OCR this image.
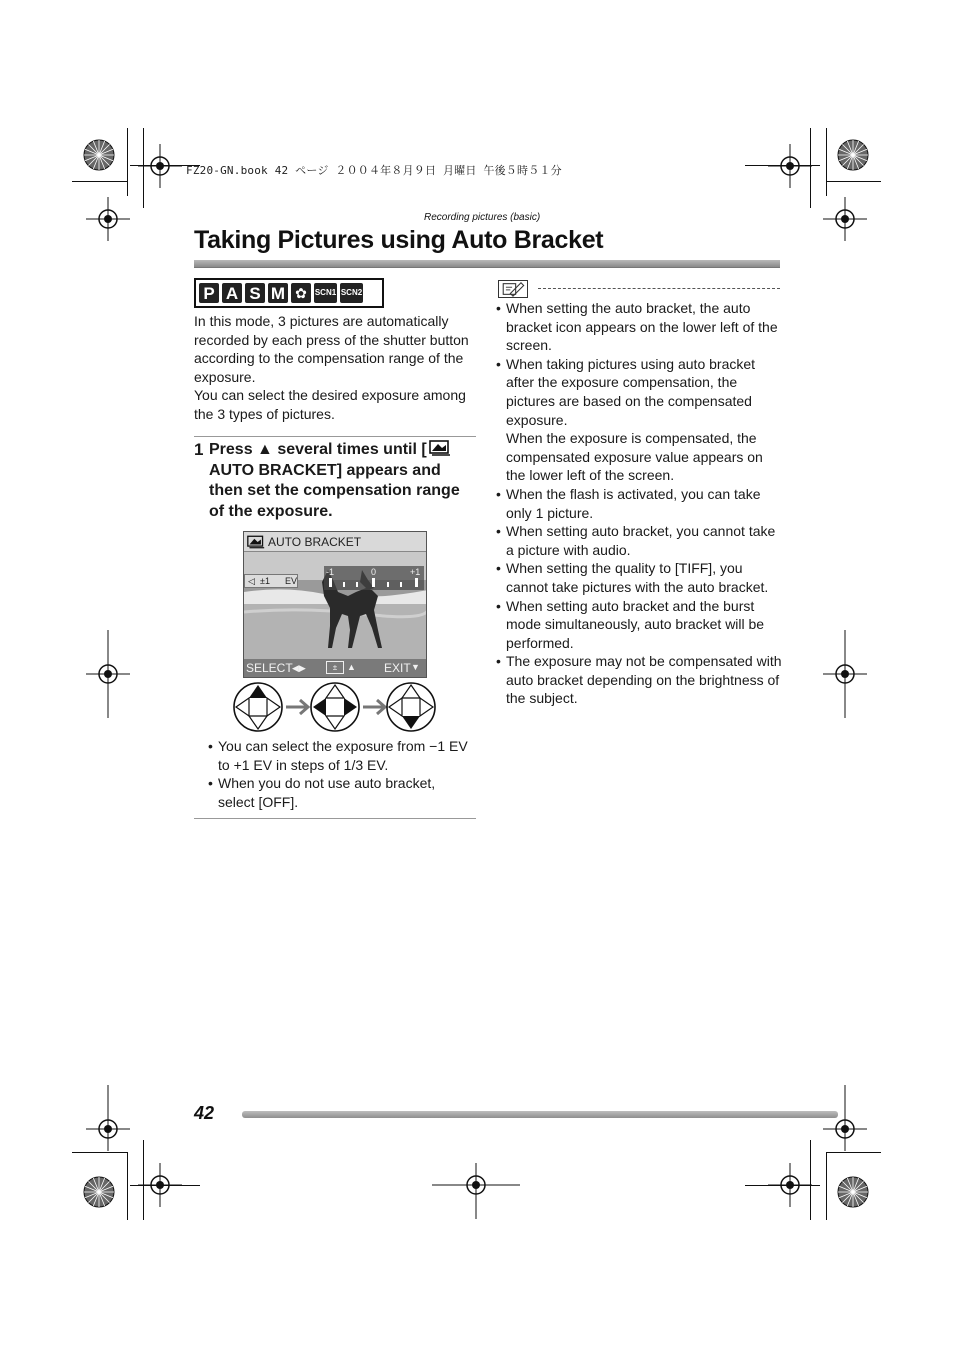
FZ20-GN.book 42 ページ ２００４年８月９日 月曜日 午後５時５１分
Recording pictures (basic)
Taking Pictures using Auto Bracket
P A S M ✿ SCN1 SCN2

In this mode, 3 pictures are automatically recorded by each press of the shutter button according to the compensation range of the exposure.

You can select the desired exposure among the 3 types of pictures.

1 Press ▲ several times until [ AUTO BRACKET] appears and then set the compensation range of the exposure.
AUTO BRACKET
◁ ±1 EV
-1	0	+1
SELECT ◀▶	±	▲ EXIT ▼

• You can select the exposure from −1 EV to +1 EV in steps of 1/3 EV.

• When you do not use auto bracket, select [OFF].

• When setting the auto bracket, the auto bracket icon appears on the lower left of the screen.

• When taking pictures using auto bracket after the exposure compensation, the pictures are based on the compensated exposure.

When the exposure is compensated, the compensated exposure value appears on the lower left of the screen.

• When the flash is activated, you can take only 1 picture.

• When setting auto bracket, you cannot take a picture with audio.

• When setting the quality to [TIFF], you cannot take pictures with the auto bracket.

• When setting auto bracket and the burst mode simultaneously, auto bracket will be performed.

• The exposure may not be compensated with auto bracket depending on the brightness of the subject.

42
